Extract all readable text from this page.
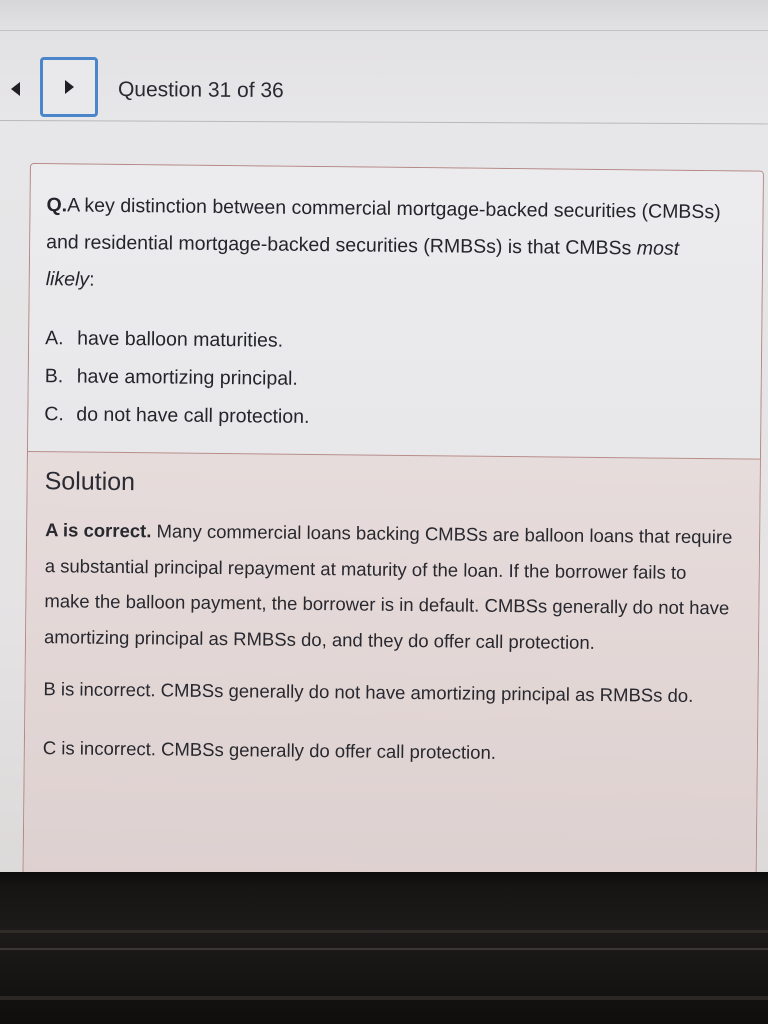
Question 31 of 36
Q.A key distinction between commercial mortgage-backed securities (CMBSs) and residential mortgage-backed securities (RMBSs) is that CMBSs most likely:
A. have balloon maturities.
B. have amortizing principal.
C. do not have call protection.
Solution

A is correct. Many commercial loans backing CMBSs are balloon loans that require a substantial principal repayment at maturity of the loan. If the borrower fails to make the balloon payment, the borrower is in default. CMBSs generally do not have amortizing principal as RMBSs do, and they do offer call protection.

B is incorrect. CMBSs generally do not have amortizing principal as RMBSs do.

C is incorrect. CMBSs generally do offer call protection.
